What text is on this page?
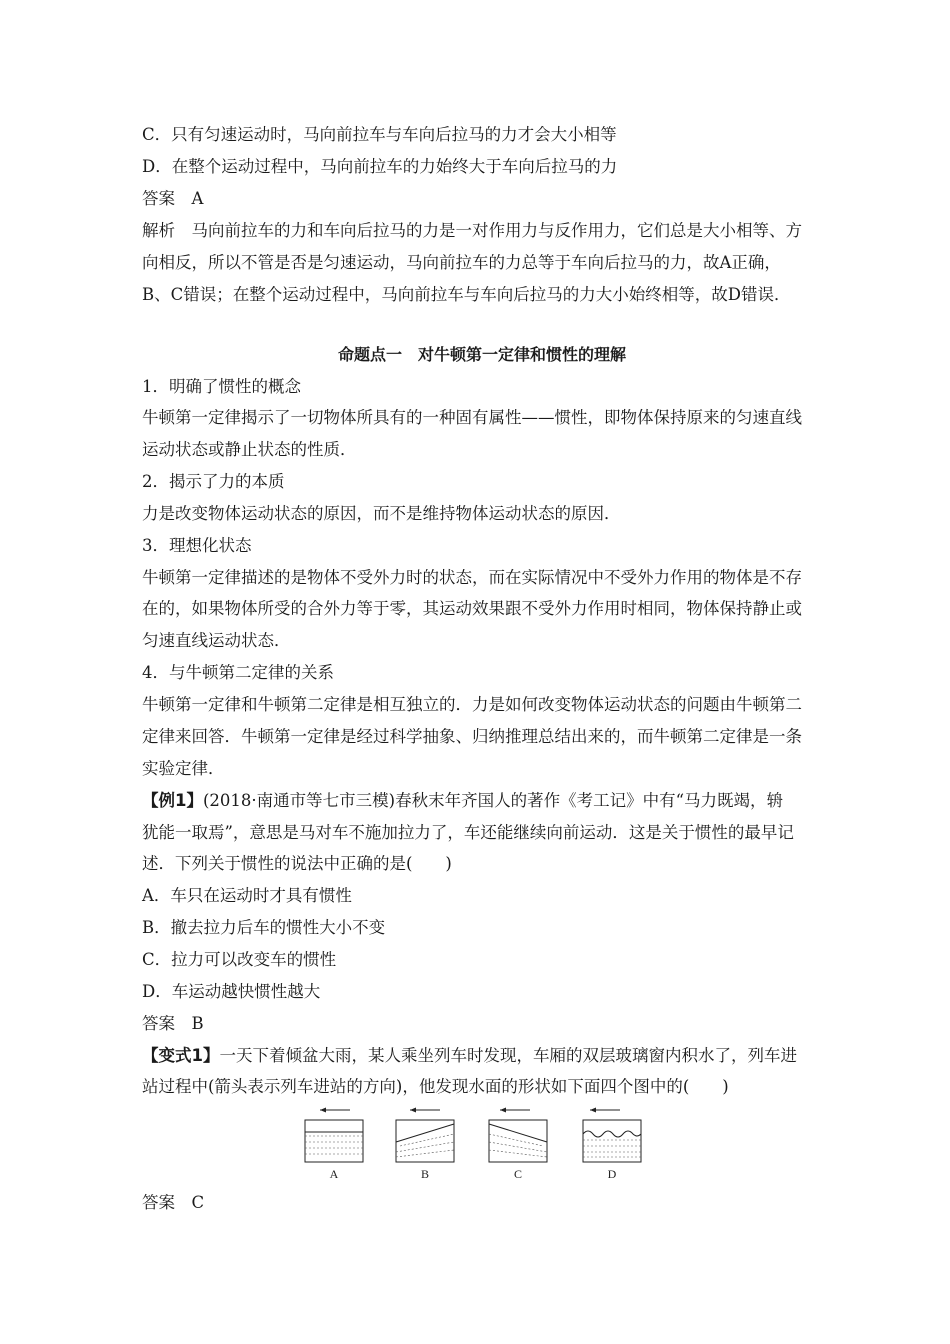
C．只有匀速运动时，马向前拉车与车向后拉马的力才会大小相等
D．在整个运动过程中，马向前拉车的力始终大于车向后拉马的力
答案　A
解析　马向前拉车的力和车向后拉马的力是一对作用力与反作用力，它们总是大小相等、方
向相反，所以不管是否是匀速运动，马向前拉车的力总等于车向后拉马的力，故A正确，
B、C错误；在整个运动过程中，马向前拉车与车向后拉马的力大小始终相等，故D错误．
命题点一　对牛顿第一定律和惯性的理解
1．明确了惯性的概念
牛顿第一定律揭示了一切物体所具有的一种固有属性——惯性，即物体保持原来的匀速直线
运动状态或静止状态的性质．
2．揭示了力的本质
力是改变物体运动状态的原因，而不是维持物体运动状态的原因．
3．理想化状态
牛顿第一定律描述的是物体不受外力时的状态，而在实际情况中不受外力作用的物体是不存
在的，如果物体所受的合外力等于零，其运动效果跟不受外力作用时相同，物体保持静止或
匀速直线运动状态．
4．与牛顿第二定律的关系
牛顿第一定律和牛顿第二定律是相互独立的．力是如何改变物体运动状态的问题由牛顿第二
定律来回答．牛顿第一定律是经过科学抽象、归纳推理总结出来的，而牛顿第二定律是一条
实验定律．
【例1】(2018·南通市等七市三模)春秋末年齐国人的著作《考工记》中有“马力既竭，辀
犹能一取焉”，意思是马对车不施加拉力了，车还能继续向前运动．这是关于惯性的最早记
述．下列关于惯性的说法中正确的是(　　)
A．车只在运动时才具有惯性
B．撤去拉力后车的惯性大小不变
C．拉力可以改变车的惯性
D．车运动越快惯性越大
答案　B
【变式1】一天下着倾盆大雨，某人乘坐列车时发现，车厢的双层玻璃窗内积水了，列车进
站过程中(箭头表示列车进站的方向)，他发现水面的形状如下面四个图中的(　　)
A	B	C	D
答案　C
